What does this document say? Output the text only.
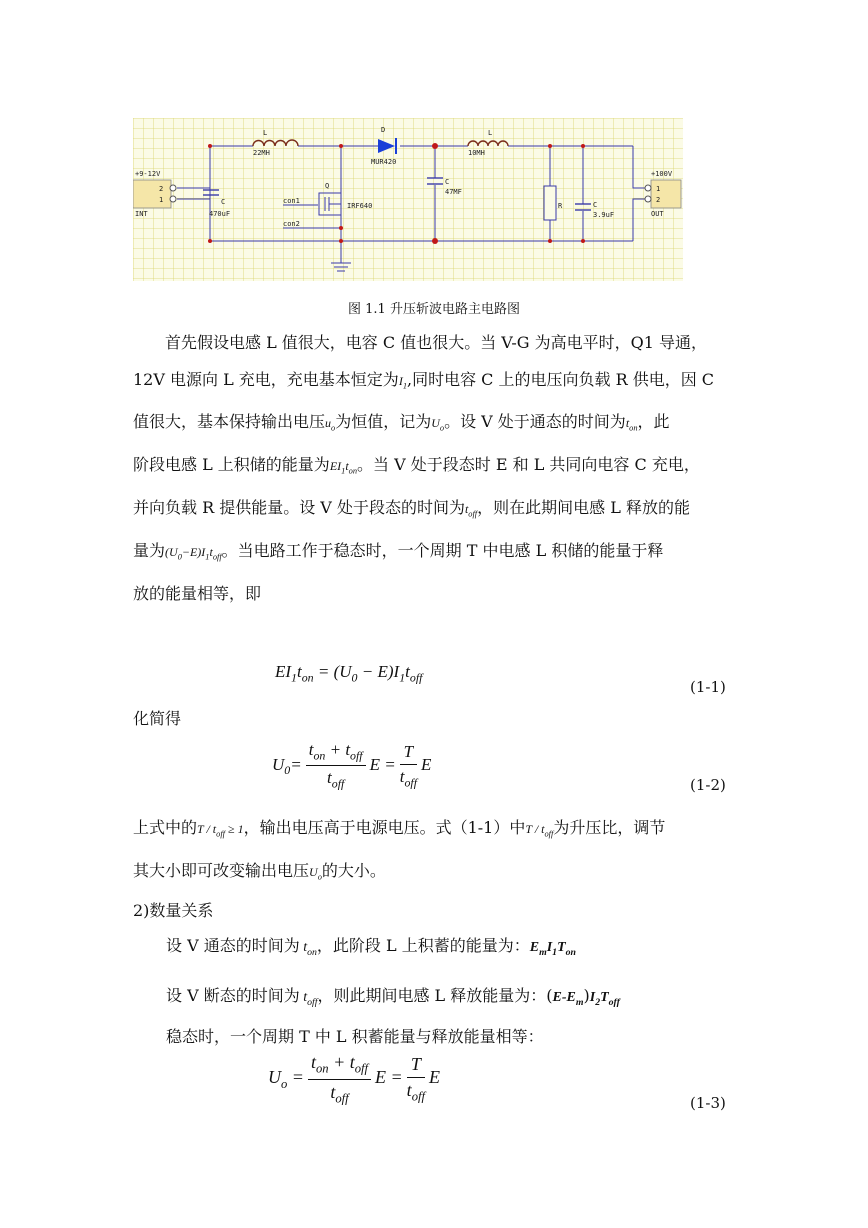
L
22MH
D
MUR420
L
10MH
+9-12V
2
1
INT
C
470uF
Q
IRF640
con1
con2
C
47MF
R	C
3.9uF
+100V
1
2
OUT
图 1.1 升压斩波电路主电路图
首先假设电感 L 值很大，电容 C 值也很大。当 V-G 为高电平时，Q1 导通，
12V 电源向 L 充电，充电基本恒定为$I_1$,同时电容 C 上的电压向负载 R 供电，因 C
值很大，基本保持输出电压$u_o$为恒值，记为$U_o$。设 V 处于通态的时间为$t_{on}$，此
阶段电感 L 上积储的能量为$EI_1t_{on}$。当 V 处于段态时 E 和 L 共同向电容 C 充电，
并向负载 R 提供能量。设 V 处于段态的时间为$t_{off}$，则在此期间电感 L 释放的能
量为$(U_0-E)I_1t_{off}$。当电路工作于稳态时，一个周期 T 中电感 L 积储的能量于释
放的能量相等，即
$EI_1t_{on} = (U_0 - E)I_1t_{off}$
(1-1)
化简得
$U_0= \frac{t_{on} + t_{off}}{t_{off}}$ $E = \frac{T}{t_{off}}$ E
(1-2)
上式中的$T / t_{off} \ge 1$，输出电压高于电源电压。式（1-1）中T / $t_{off}$为升压比，调节
其大小即可改变输出电压$U_o$的大小。
2)数量关系
设 V 通态的时间为 $t_{on}$，此阶段 L 上积蓄的能量为：$E_mI_1T_{on}$
设 V 断态的时间为 $t_{off}$，则此期间电感 L 释放能量为：$(E-E_m)I_2T_{off}$
稳态时，一个周期 T 中 L 积蓄能量与释放能量相等：
$U_o = \frac{t_{on} + t_{off}}{t_{off}}$ $E = \frac{T}{t_{off}}$ E
(1-3)
